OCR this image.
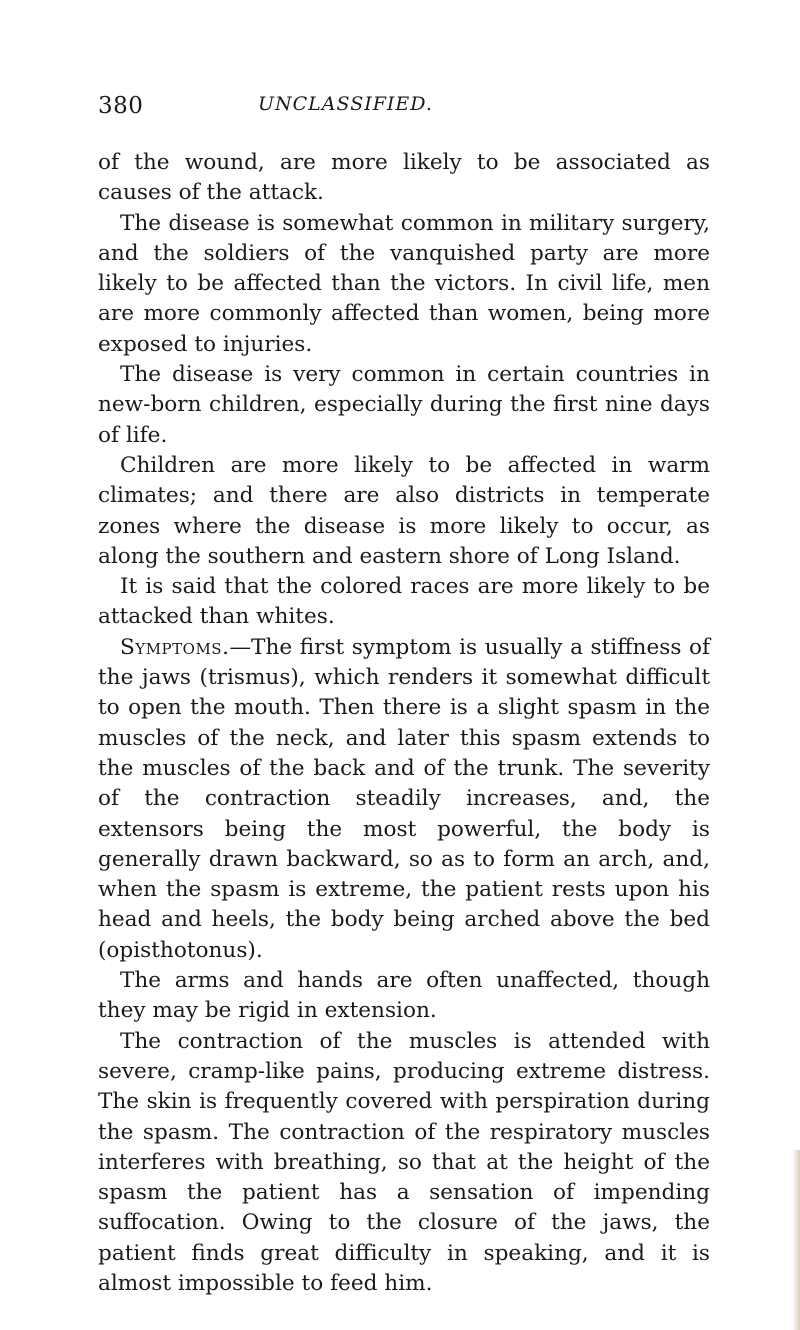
380	UNCLASSIFIED.

of the wound, are more likely to be associated as causes of the attack.

The disease is somewhat common in military surgery, and the soldiers of the vanquished party are more likely to be affected than the victors. In civil life, men are more commonly affected than women, being more exposed to injuries.

The disease is very common in certain countries in new-born children, especially during the first nine days of life.

Children are more likely to be affected in warm climates; and there are also districts in temperate zones where the disease is more likely to occur, as along the southern and eastern shore of Long Island.

It is said that the colored races are more likely to be attacked than whites.

Symptoms.—The first symptom is usually a stiffness of the jaws (trismus), which renders it somewhat difficult to open the mouth. Then there is a slight spasm in the muscles of the neck, and later this spasm extends to the muscles of the back and of the trunk. The severity of the contraction steadily increases, and, the extensors being the most powerful, the body is generally drawn backward, so as to form an arch, and, when the spasm is extreme, the patient rests upon his head and heels, the body being arched above the bed (opisthotonus).

The arms and hands are often unaffected, though they may be rigid in extension.

The contraction of the muscles is attended with severe, cramp-like pains, producing extreme distress. The skin is frequently covered with perspiration during the spasm. The contraction of the respiratory muscles interferes with breathing, so that at the height of the spasm the patient has a sensation of impending suffocation. Owing to the closure of the jaws, the patient finds great difficulty in speaking, and it is almost impossible to feed him.
